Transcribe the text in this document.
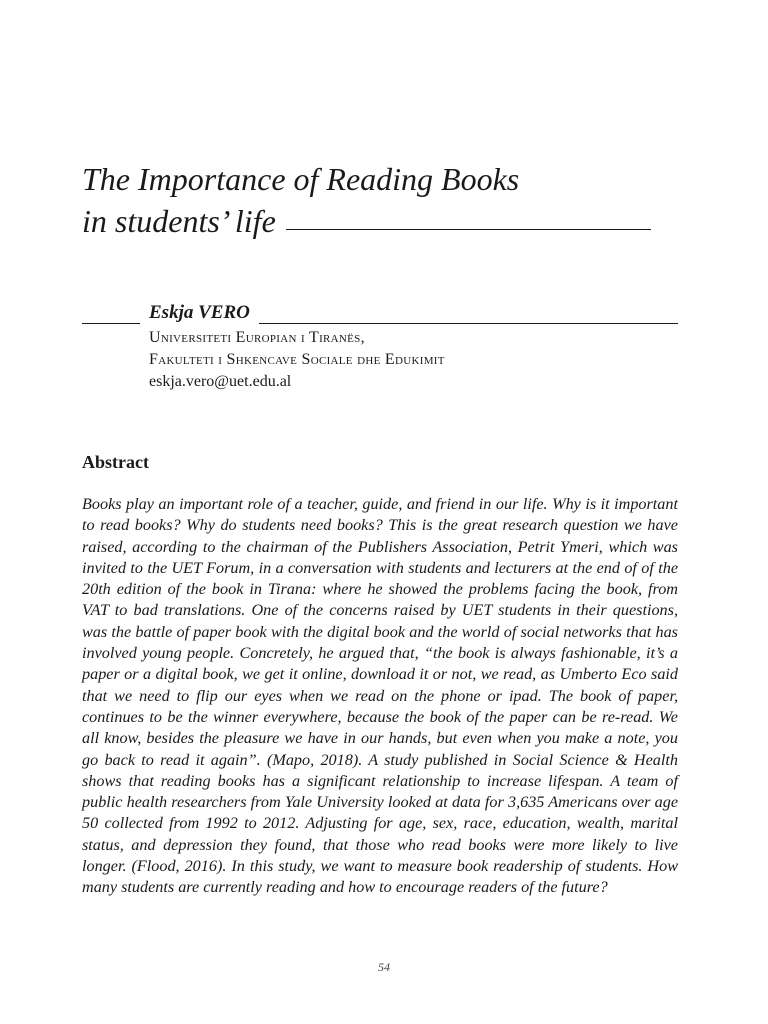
The Importance of Reading Books
in students’ life
Eskja VERO
Universiteti Europian i Tiranës,
Fakulteti i Shkencave Sociale dhe Edukimit
eskja.vero@uet.edu.al
Abstract

Books play an important role of a teacher, guide, and friend in our life. Why is it important to read books? Why do students need books? This is the great research question we have raised, according to the chairman of the Publishers Association, Petrit Ymeri, which was invited to the UET Forum, in a conversation with students and lecturers at the end of of the 20th edition of the book in Tirana: where he showed the problems facing the book, from VAT to bad translations. One of the concerns raised by UET students in their questions, was the battle of paper book with the digital book and the world of social networks that has involved young people. Concretely, he argued that, “the book is always fashionable, it’s a paper or a digital book, we get it online, download it or not, we read, as Umberto Eco said that we need to flip our eyes when we read on the phone or ipad. The book of paper, continues to be the winner everywhere, because the book of the paper can be re-read. We all know, besides the pleasure we have in our hands, but even when you make a note, you go back to read it again”. (Mapo, 2018). A study published in Social Science & Health shows that reading books has a significant relationship to increase lifespan. A team of public health researchers from Yale University looked at data for 3,635 Americans over age 50 collected from 1992 to 2012. Adjusting for age, sex, race, education, wealth, marital status, and depression they found, that those who read books were more likely to live longer. (Flood, 2016). In this study, we want to measure book readership of students. How many students are currently reading and how to encourage readers of the future?

54
